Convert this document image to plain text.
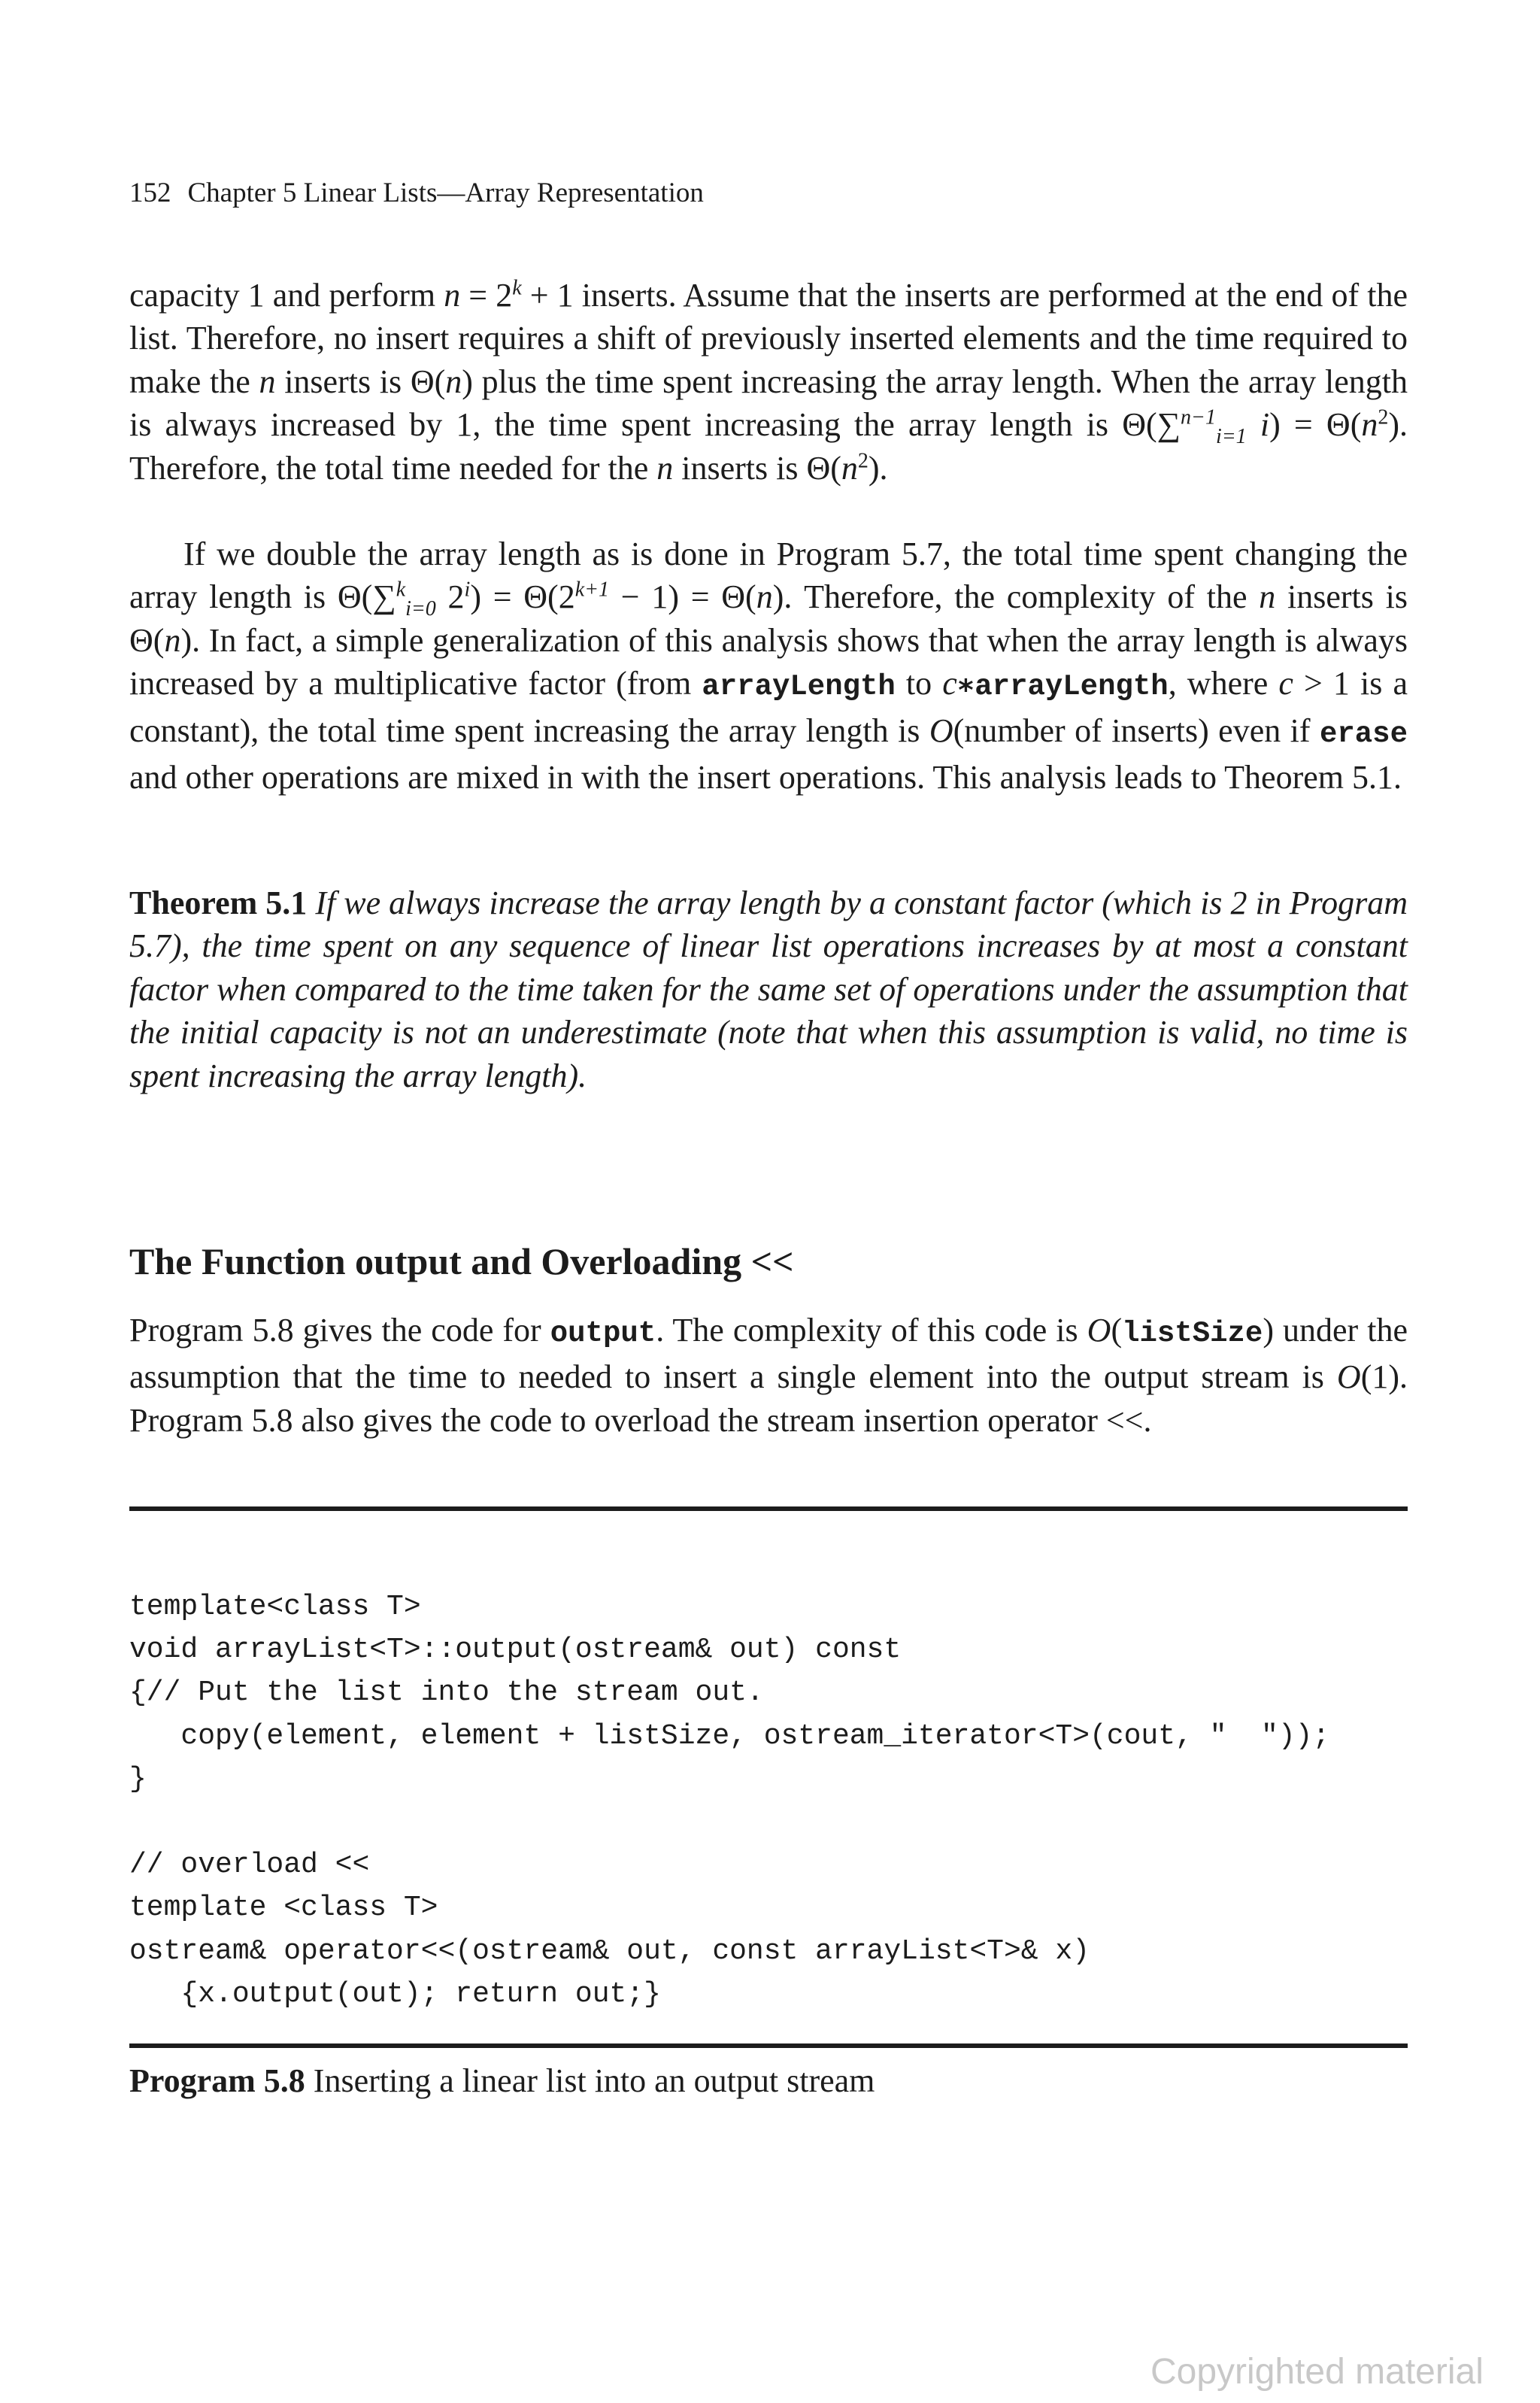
152 Chapter 5 Linear Lists—Array Representation
capacity 1 and perform $n = 2^k + 1$ inserts. Assume that the inserts are performed at the end of the list. Therefore, no insert requires a shift of previously inserted elements and the time required to make the n inserts is Θ(n) plus the time spent increasing the array length. When the array length is always increased by 1, the time spent increasing the array length is Θ(∑$^{n-1}_{i=1}$ $i) = \Theta(n^2)$. Therefore, the total time needed for the n inserts is $\Theta(n^2)$.
If we double the array length as is done in Program 5.7, the total time spent changing the array length is Θ(∑$^k_{i=0}$ $2^i) = \Theta(2^{k+1} - 1) = \Theta(n)$. Therefore, the complexity of the n inserts is Θ(n). In fact, a simple generalization of this analysis shows that when the array length is always increased by a multiplicative factor (from arrayLength to c∗arrayLength, where c > 1 is a constant), the total time spent increasing the array length is O(number of inserts) even if erase and other operations are mixed in with the insert operations. This analysis leads to Theorem 5.1.
Theorem 5.1 If we always increase the array length by a constant factor (which is 2 in Program 5.7), the time spent on any sequence of linear list operations increases by at most a constant factor when compared to the time taken for the same set of operations under the assumption that the initial capacity is not an underestimate (note that when this assumption is valid, no time is spent increasing the array length).
The Function output and Overloading <<
Program 5.8 gives the code for output. The complexity of this code is O(listSize) under the assumption that the time to needed to insert a single element into the output stream is O(1). Program 5.8 also gives the code to overload the stream insertion operator <<.
template<class T>
void arrayList<T>::output(ostream& out) const
{// Put the list into the stream out.
copy(element, element + listSize, ostream_iterator<T>(cout, "  "));
}
// overload <<
template <class T>
ostream& operator<<(ostream& out, const arrayList<T>& x)
{x.output(out); return out;}
Program 5.8 Inserting a linear list into an output stream
Copyrighted material
